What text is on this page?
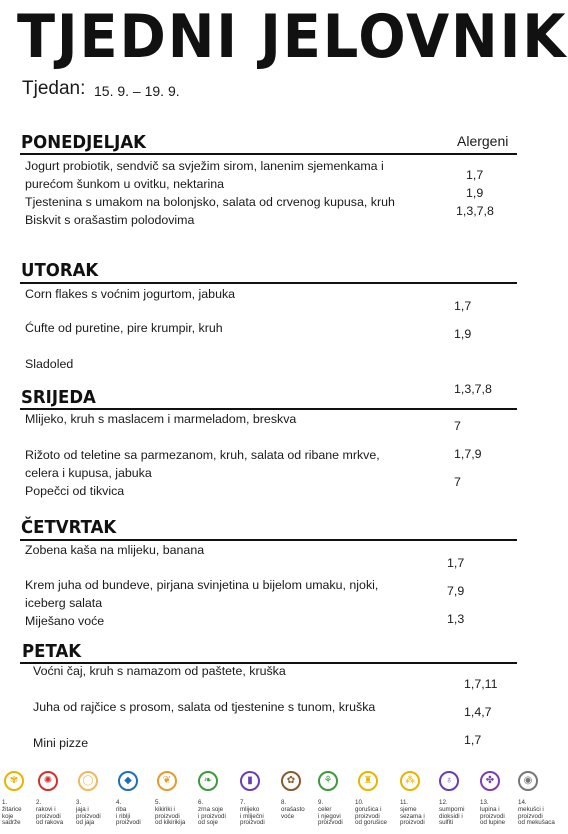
TJEDNI JELOVNIK
Tjedan: 15. 9. – 19. 9.
PONEDJELJAK	Alergeni
Jogurt probiotik, sendvič sa svježim sirom, lanenim sjemenkama i
purećom šunkom u ovitku, nektarina
Tjestenina s umakom na bolonjsko, salata od crvenog kupusa, kruh
Biskvit s orašastim polodovima
1,7
1,9
1,3,7,8
UTORAK
Corn flakes s voćnim jogurtom, jabuka
Ćufte od puretine, pire krumpir, kruh
Sladoled
1,7
1,9
1,3,7,8
SRIJEDA
Mlijeko, kruh s maslacem i marmeladom, breskva
Rižoto od teletine sa parmezanom, kruh, salata od ribane mrkve,
celera i kupusa, jabuka
Popečci od tikvica
7
1,7,9
7
ČETVRTAK
Zobena kaša na mlijeku, banana
Krem juha od bundeve, pirjana svinjetina u bijelom umaku, njoki,
iceberg salata
Miješano voće
1,7
7,9
1,3
PETAK
Voćni čaj, kruh s namazom od paštete, kruška
Juha od rajčice s prosom, salata od tjestenine s tunom, kruška
Mini pizze
1,7,11
1,4,7
1,7
✾
1.
žitarice
koje
sadrže
✺
2.
rakovi i
proizvodi
od rakova
◯
3.
jaja i
proizvodi
od jaja
◆
4.
riba
i riblji
proizvodi
❦
5.
kikiriki i
proizvodi
od kikirikija
❧
6.
zrna soje
i proizvodi
od soje
▮
7.
mlijeko
i mliječni
proizvodi
✿
8.
orašasto
voće
⚘
9.
celer
i njegovi
proizvodi
♜
10.
gorušica i
proizvodi
od gorušice
⁂
11.
sjeme
sezama i
proizvodi
♁
12.
sumporni
dioksidi i
sulfiti
✤
13.
lupina i
proizvodi
od lupine
◉
14.
mekušci i
proizvodi
od mekušaca
